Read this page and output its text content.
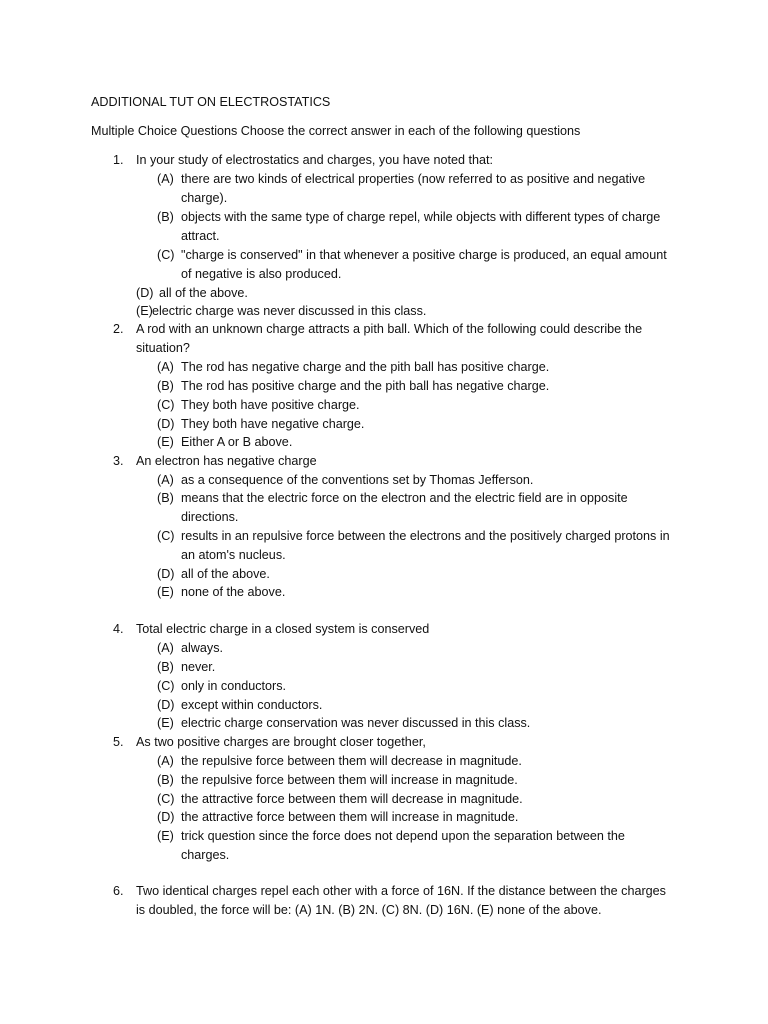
ADDITIONAL TUT ON ELECTROSTATICS
Multiple Choice Questions Choose the correct answer in each of the following questions
1. In your study of electrostatics and charges, you have noted that:
(A) there are two kinds of electrical properties (now referred to as positive and negative
charge).
(B) objects with the same type of charge repel, while objects with different types of charge
attract.
(C) "charge is conserved" in that whenever a positive charge is produced, an equal amount
of negative is also produced.
(D) all of the above.
(E) electric charge was never discussed in this class.
2. A rod with an unknown charge attracts a pith ball. Which of the following could describe the
situation?
(A) The rod has negative charge and the pith ball has positive charge.
(B) The rod has positive charge and the pith ball has negative charge.
(C) They both have positive charge.
(D) They both have negative charge.
(E) Either A or B above.
3. An electron has negative charge
(A) as a consequence of the conventions set by Thomas Jefferson.
(B) means that the electric force on the electron and the electric field are in opposite
directions.
(C) results in an repulsive force between the electrons and the positively charged protons in
an atom's nucleus.
(D) all of the above.
(E) none of the above.
4. Total electric charge in a closed system is conserved
(A) always.
(B) never.
(C) only in conductors.
(D) except within conductors.
(E) electric charge conservation was never discussed in this class.
5. As two positive charges are brought closer together,
(A) the repulsive force between them will decrease in magnitude.
(B) the repulsive force between them will increase in magnitude.
(C) the attractive force between them will decrease in magnitude.
(D) the attractive force between them will increase in magnitude.
(E) trick question since the force does not depend upon the separation between the
charges.
6. Two identical charges repel each other with a force of 16N. If the distance between the charges
is doubled, the force will be: (A) 1N. (B) 2N. (C) 8N. (D) 16N. (E) none of the above.
